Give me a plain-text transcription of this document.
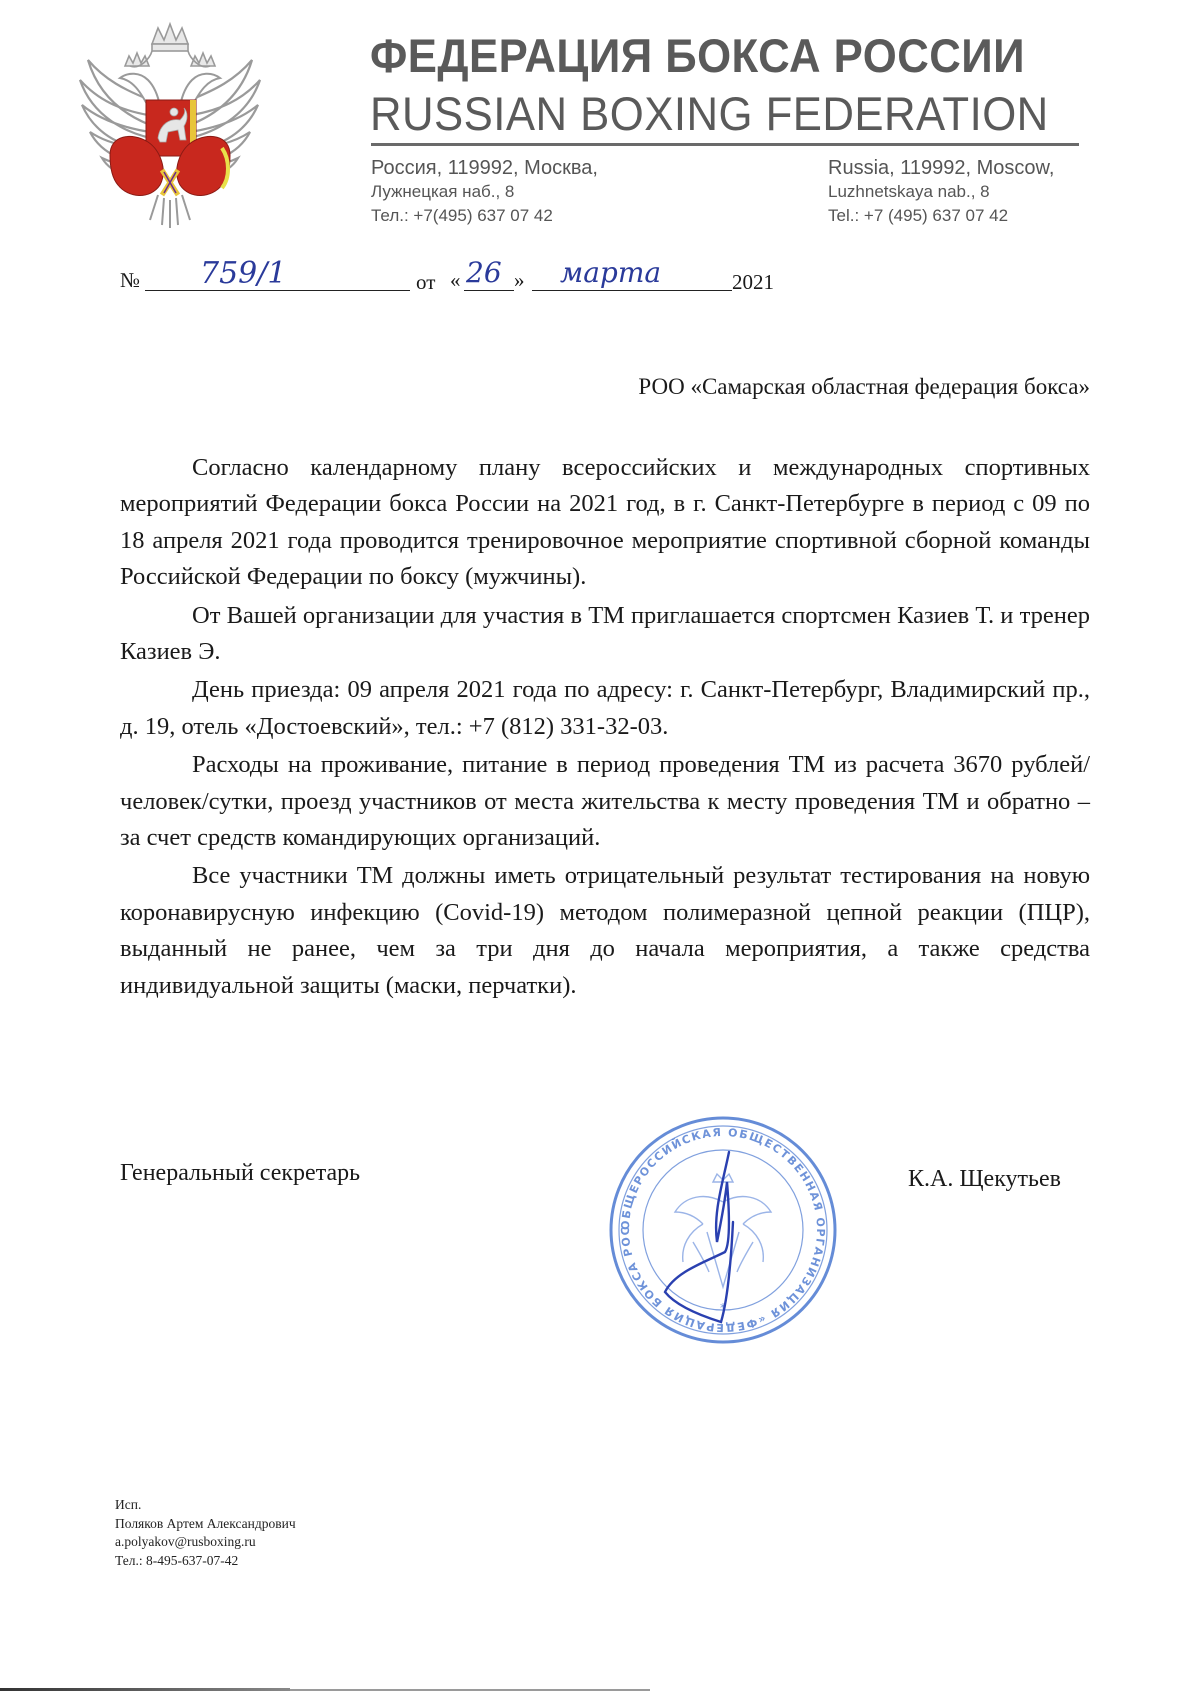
ФЕДЕРАЦИЯ БОКСА РОССИИ
RUSSIAN BOXING FEDERATION
Россия, 119992, Москва,
Лужнецкая наб., 8
Тел.: +7(495) 637 07 42
Russia, 119992, Moscow,
Luzhnetskaya nab., 8
Tel.: +7 (495) 637 07 42
№ 759/1	от « 26 » марта	2021
РОО «Самарская областная федерация бокса»

Согласно календарному плану всероссийских и международных спортивных мероприятий Федерации бокса России на 2021 год, в г. Санкт-Петербурге в период с 09 по 18 апреля 2021 года проводится тренировочное мероприятие спортивной сборной команды Российской Федерации по боксу (мужчины).

От Вашей организации для участия в ТМ приглашается спортсмен Казиев Т. и тренер Казиев Э.

День приезда: 09 апреля 2021 года по адресу: г. Санкт-Петербург, Владимирский пр., д. 19, отель «Достоевский», тел.: +7 (812) 331-32-03.

Расходы на проживание, питание в период проведения ТМ из расчета 3670 рублей/человек/сутки, проезд участников от места жительства к месту проведения ТМ и обратно – за счет средств командирующих организаций.

Все участники ТМ должны иметь отрицательный результат тестирования на новую коронавирусную инфекцию (Covid-19) методом полимеразной цепной реакции (ПЦР), выданный не ранее, чем за три дня до начала мероприятия, а также средства индивидуальной защиты (маски, перчатки).

Генеральный секретарь
ОБЩЕРОССИЙСКАЯ ОБЩЕСТВЕННАЯ ОРГАНИЗАЦИЯ «ФЕДЕРАЦИЯ БОКСА РОС
*
К.А. Щекутьев
Исп.
Поляков Артем Александрович
a.polyakov@rusboxing.ru
Тел.: 8-495-637-07-42
